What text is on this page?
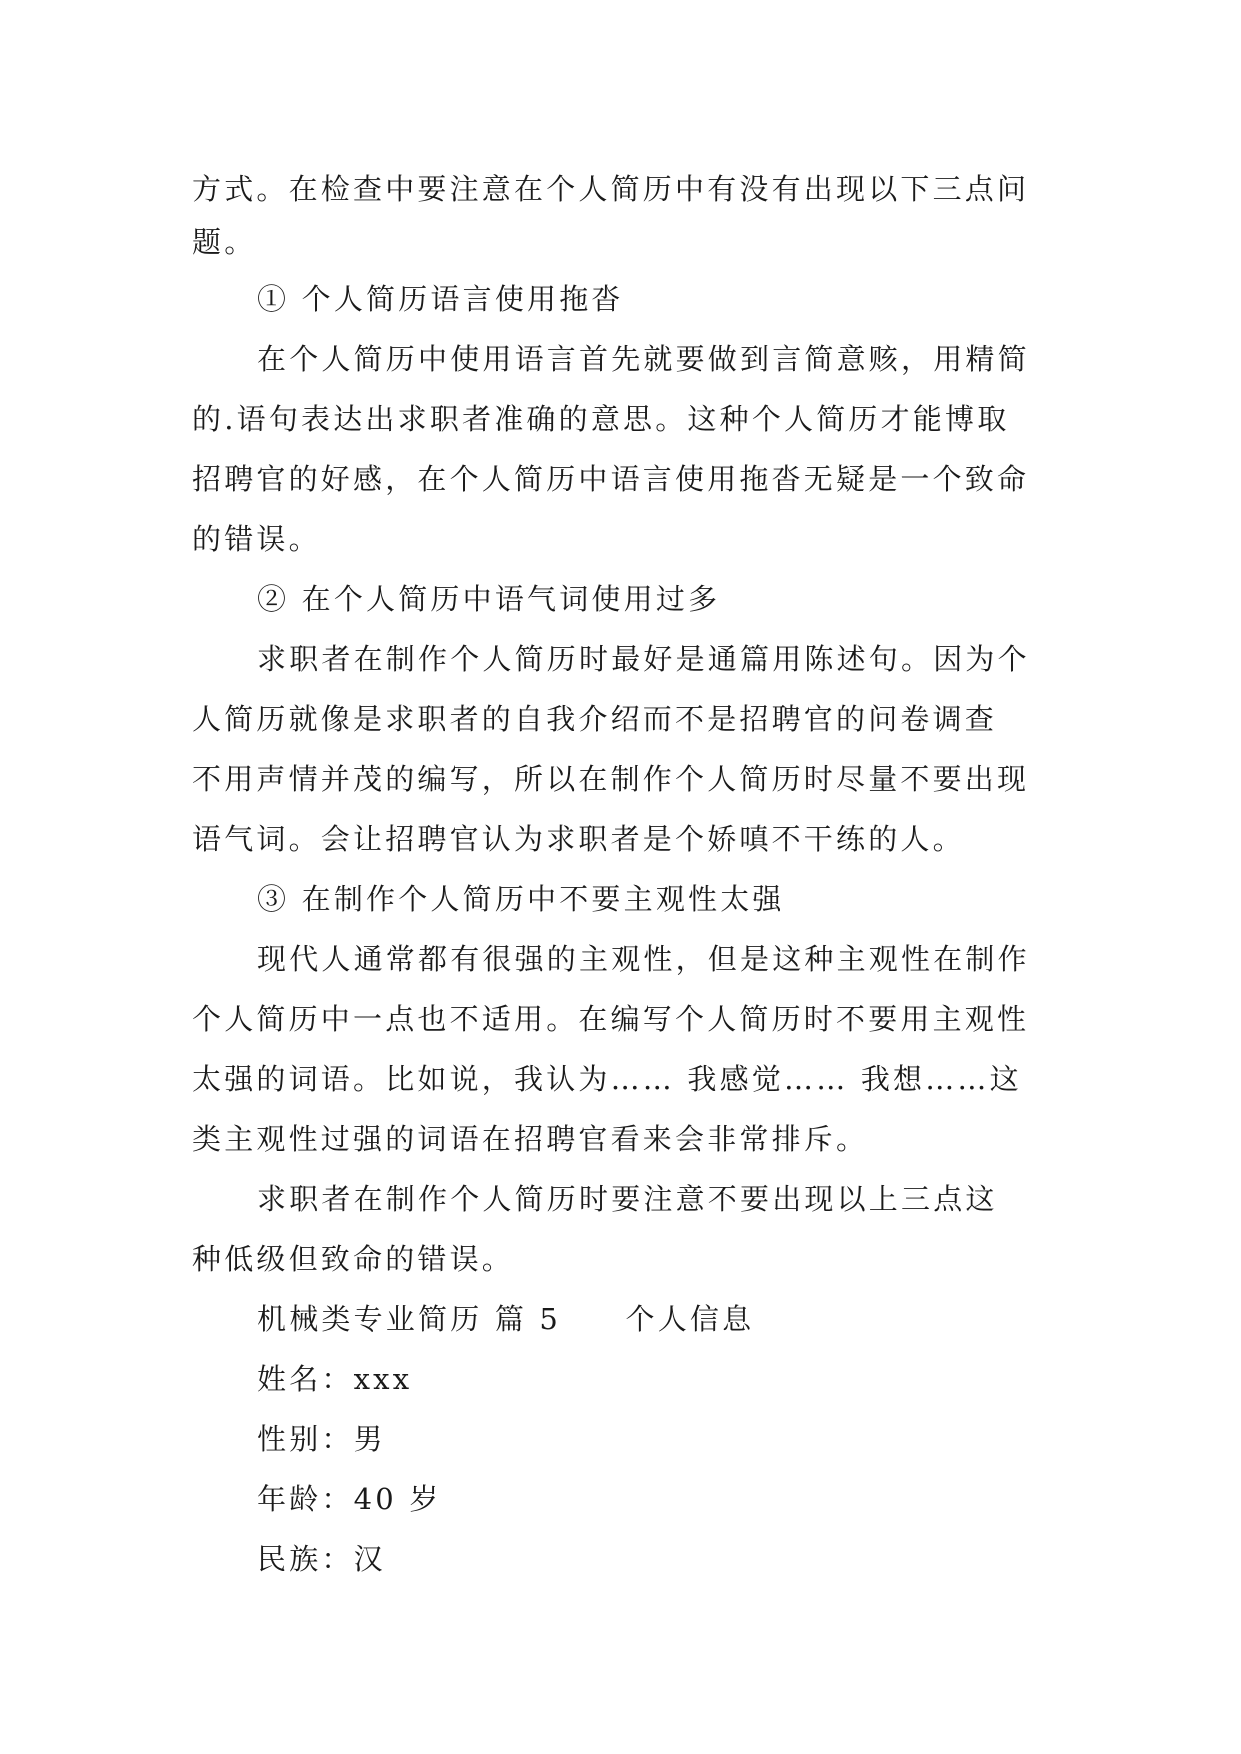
方式。在检查中要注意在个人简历中有没有出现以下三点问
题。
① 个人简历语言使用拖沓
在个人简历中使用语言首先就要做到言简意赅，用精简
的.语句表达出求职者准确的意思。这种个人简历才能博取
招聘官的好感，在个人简历中语言使用拖沓无疑是一个致命
的错误。
② 在个人简历中语气词使用过多
求职者在制作个人简历时最好是通篇用陈述句。因为个
人简历就像是求职者的自我介绍而不是招聘官的问卷调查
不用声情并茂的编写，所以在制作个人简历时尽量不要出现
语气词。会让招聘官认为求职者是个娇嗔不干练的人。
③ 在制作个人简历中不要主观性太强
现代人通常都有很强的主观性，但是这种主观性在制作
个人简历中一点也不适用。在编写个人简历时不要用主观性
太强的词语。比如说，我认为…… 我感觉…… 我想……这
类主观性过强的词语在招聘官看来会非常排斥。
求职者在制作个人简历时要注意不要出现以上三点这
种低级但致命的错误。
机械类专业简历 篇 5　　个人信息
姓名：xxx
性别：男
年龄：40 岁
民族：汉
